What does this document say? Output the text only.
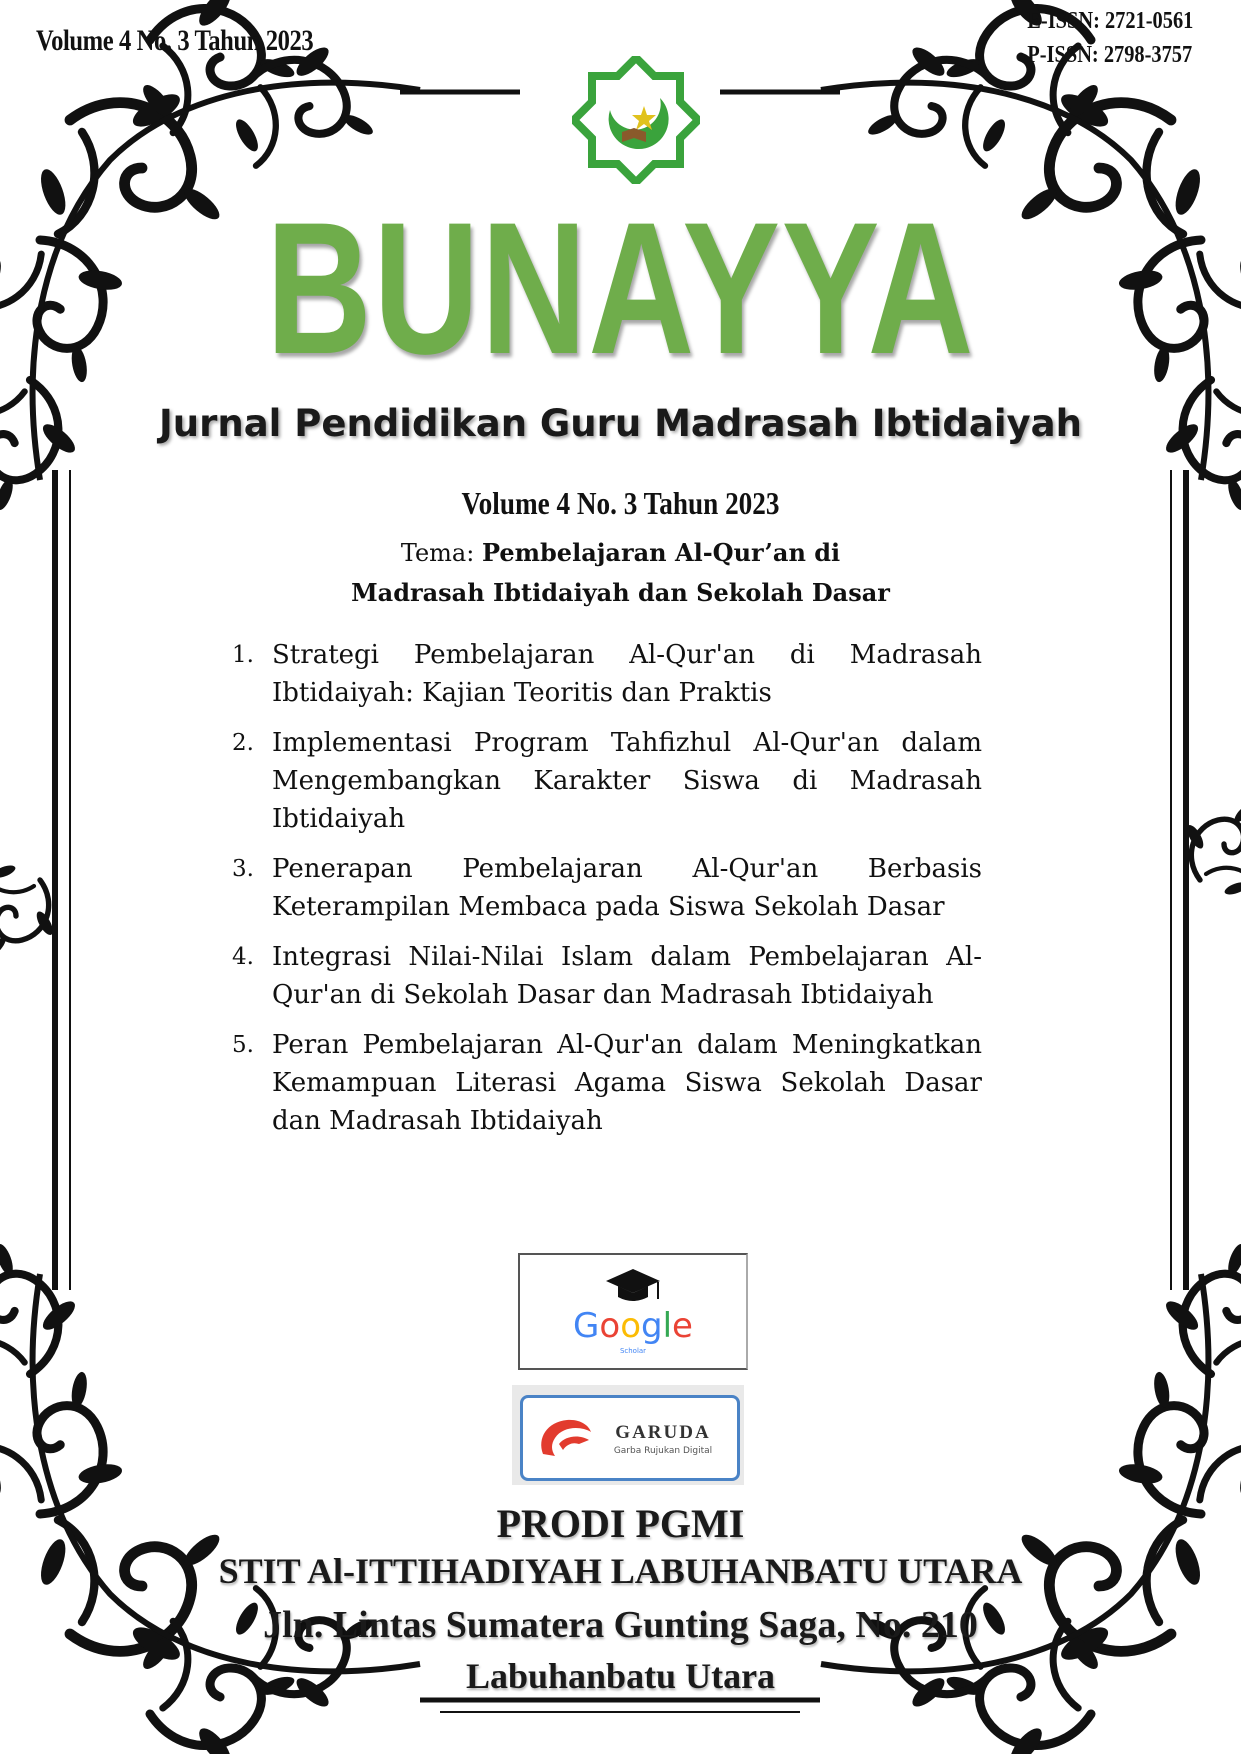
Volume 4 No. 3 Tahun 2023
E-ISSN: 2721-0561
P-ISSN: 2798-3757
BUNAYYA
Jurnal Pendidikan Guru Madrasah Ibtidaiyah
Volume 4 No. 3 Tahun 2023
Tema: Pembelajaran Al-Qur’an di
Madrasah Ibtidaiyah dan Sekolah Dasar
1. Strategi Pembelajaran Al-Qur'an di Madrasah Ibtidaiyah: Kajian Teoritis dan Praktis
2. Implementasi Program Tahfizhul Al-Qur'an dalam Mengembangkan Karakter Siswa di Madrasah Ibtidaiyah
3. Penerapan Pembelajaran Al-Qur'an Berbasis Keterampilan Membaca pada Siswa Sekolah Dasar
4. Integrasi Nilai-Nilai Islam dalam Pembelajaran Al-Qur'an di Sekolah Dasar dan Madrasah Ibtidaiyah
5. Peran Pembelajaran Al-Qur'an dalam Meningkatkan Kemampuan Literasi Agama Siswa Sekolah Dasar dan Madrasah Ibtidaiyah
Google
Scholar
GARUDA
Garba Rujukan Digital
PRODI PGMI
STIT Al-ITTIHADIYAH LABUHANBATU UTARA
Jln. Lintas Sumatera Gunting Saga, No. 210
Labuhanbatu Utara
